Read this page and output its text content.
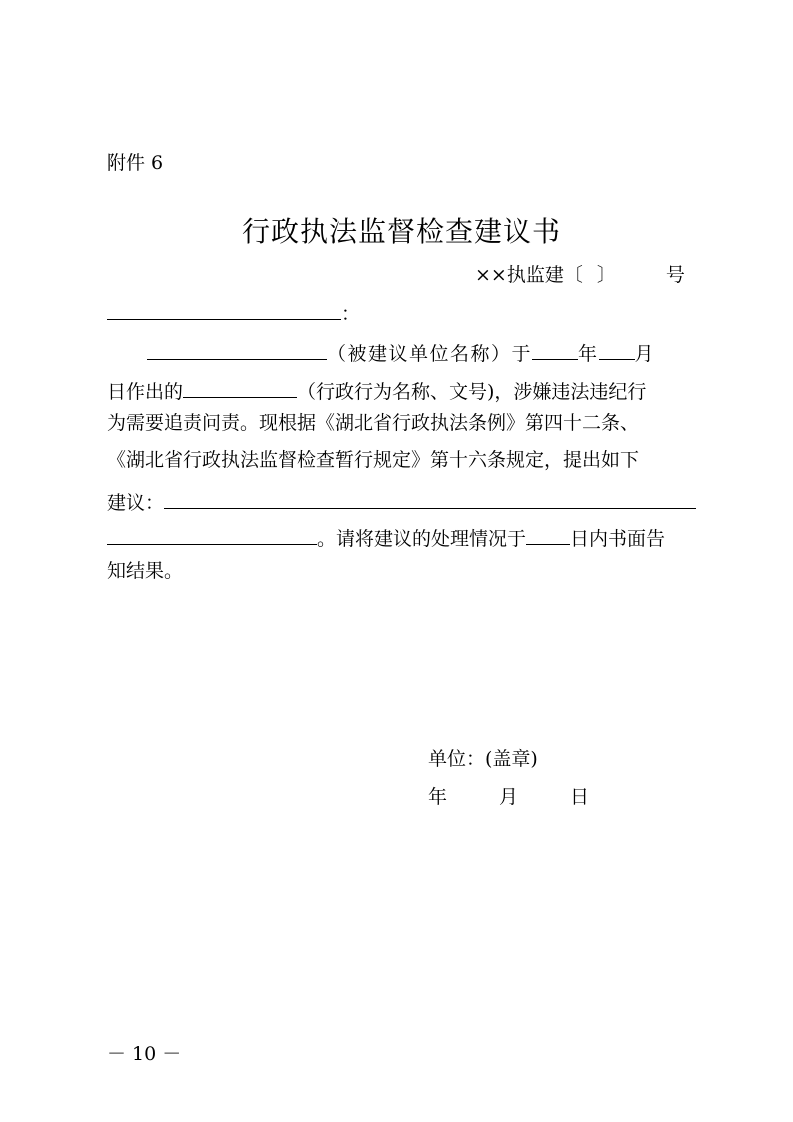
附件 6
行政执法监督检查建议书
××执监建〔 〕	号
：
（被建议单位名称）于 年 月
日作出的	（行政行为名称、文号)，涉嫌违法违纪行
为需要追责问责。现根据《湖北省行政执法条例》第四十二条、
《湖北省行政执法监督检查暂行规定》第十六条规定，提出如下
建议：
。请将建议的处理情况于 日内书面告
知结果。
单位：(盖章)
年	月	日
－ 10 －
